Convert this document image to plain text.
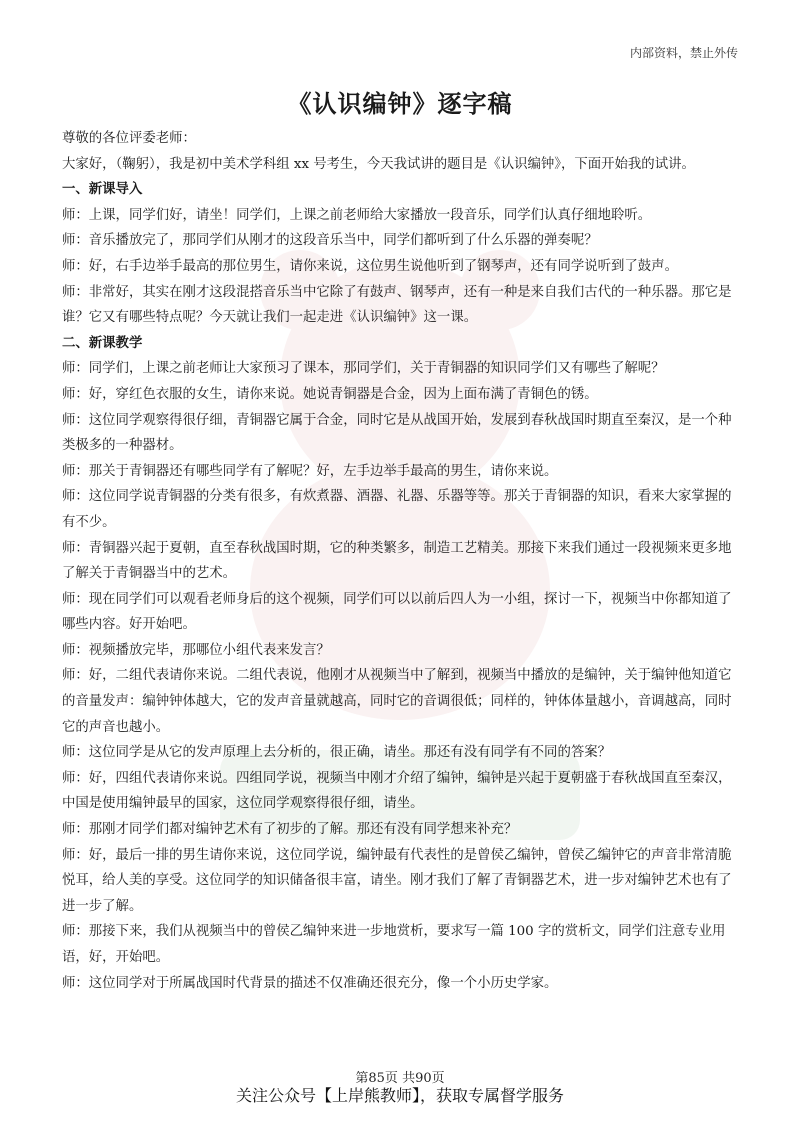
内部资料，禁止外传
《认识编钟》逐字稿

尊敬的各位评委老师：

大家好，（鞠躬），我是初中美术学科组 xx 号考生，今天我试讲的题目是《认识编钟》，下面开始我的试讲。

一、新课导入

师：上课，同学们好，请坐！同学们，上课之前老师给大家播放一段音乐，同学们认真仔细地聆听。

师：音乐播放完了，那同学们从刚才的这段音乐当中，同学们都听到了什么乐器的弹奏呢？

师：好，右手边举手最高的那位男生，请你来说，这位男生说他听到了钢琴声，还有同学说听到了鼓声。

师：非常好，其实在刚才这段混搭音乐当中它除了有鼓声、钢琴声，还有一种是来自我们古代的一种乐器。那它是谁？它又有哪些特点呢？今天就让我们一起走进《认识编钟》这一课。

二、新课教学

师：同学们，上课之前老师让大家预习了课本，那同学们，关于青铜器的知识同学们又有哪些了解呢？

师：好，穿红色衣服的女生，请你来说。她说青铜器是合金，因为上面布满了青铜色的锈。

师：这位同学观察得很仔细，青铜器它属于合金，同时它是从战国开始，发展到春秋战国时期直至秦汉，是一个种类极多的一种器材。

师：那关于青铜器还有哪些同学有了解呢？好，左手边举手最高的男生，请你来说。

师：这位同学说青铜器的分类有很多，有炊煮器、酒器、礼器、乐器等等。那关于青铜器的知识，看来大家掌握的有不少。

师：青铜器兴起于夏朝，直至春秋战国时期，它的种类繁多，制造工艺精美。那接下来我们通过一段视频来更多地了解关于青铜器当中的艺术。

师：现在同学们可以观看老师身后的这个视频，同学们可以以前后四人为一小组，探讨一下，视频当中你都知道了哪些内容。好开始吧。

师：视频播放完毕，那哪位小组代表来发言？

师：好，二组代表请你来说。二组代表说，他刚才从视频当中了解到，视频当中播放的是编钟，关于编钟他知道它的音量发声：编钟钟体越大，它的发声音量就越高，同时它的音调很低；同样的，钟体体量越小，音调越高，同时它的声音也越小。

师：这位同学是从它的发声原理上去分析的，很正确，请坐。那还有没有同学有不同的答案？

师：好，四组代表请你来说。四组同学说，视频当中刚才介绍了编钟，编钟是兴起于夏朝盛于春秋战国直至秦汉，中国是使用编钟最早的国家，这位同学观察得很仔细，请坐。

师：那刚才同学们都对编钟艺术有了初步的了解。那还有没有同学想来补充？

师：好，最后一排的男生请你来说，这位同学说，编钟最有代表性的是曾侯乙编钟，曾侯乙编钟它的声音非常清脆悦耳，给人美的享受。这位同学的知识储备很丰富，请坐。刚才我们了解了青铜器艺术，进一步对编钟艺术也有了进一步了解。

师：那接下来，我们从视频当中的曾侯乙编钟来进一步地赏析，要求写一篇 100 字的赏析文，同学们注意专业用语，好，开始吧。

师：这位同学对于所属战国时代背景的描述不仅准确还很充分，像一个小历史学家。

第85页 共90页
关注公众号【上岸熊教师】，获取专属督学服务
